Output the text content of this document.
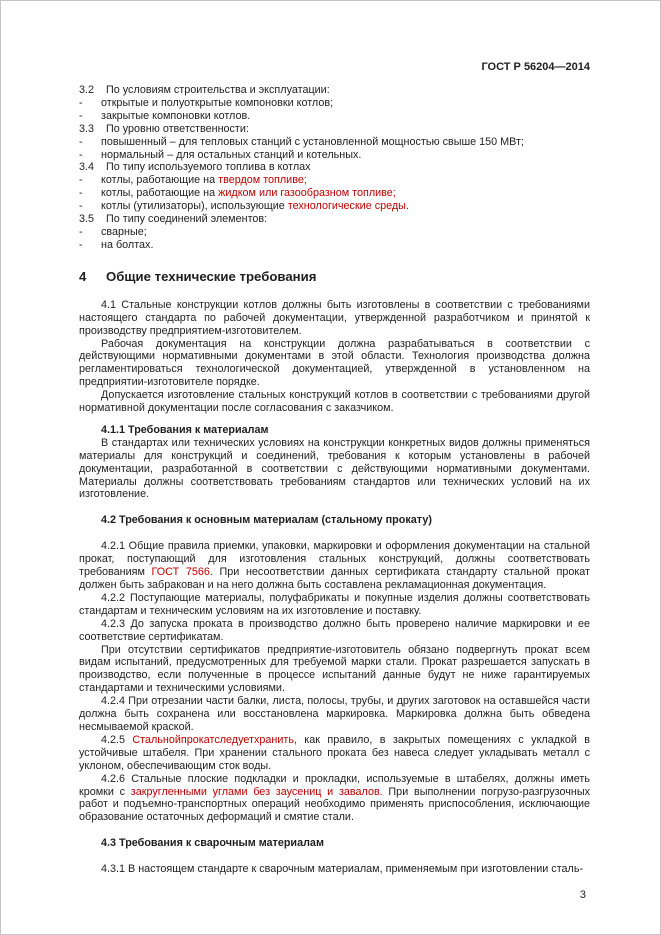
ГОСТ Р 56204—2014
3.2 По условиям строительства и эксплуатации:
- открытые и полуоткрытые компоновки котлов;
- закрытые компоновки котлов.
3.3 По уровню ответственности:
- повышенный – для тепловых станций с установленной мощностью свыше 150 МВт;
- нормальный – для остальных станций и котельных.
3.4 По типу используемого топлива в котлах
- котлы, работающие на твердом топливе;
- котлы, работающие на жидком или газообразном топливе;
- котлы (утилизаторы), использующие технологические среды.
3.5 По типу соединений элементов:
- сварные;
- на болтах.
4 Общие технические требования
4.1 Стальные конструкции котлов должны быть изготовлены в соответствии с требованиями настоящего стандарта по рабочей документации, утвержденной разработчиком и принятой к производству предприятием-изготовителем.
Рабочая документация на конструкции должна разрабатываться в соответствии с действующими нормативными документами в этой области. Технология производства должна регламентироваться технологической документацией, утвержденной в установленном на предприятии-изготовителе порядке.
Допускается изготовление стальных конструкций котлов в соответствии с требованиями другой нормативной документации после согласования с заказчиком.
4.1.1 Требования к материалам
В стандартах или технических условиях на конструкции конкретных видов должны применяться материалы для конструкций и соединений, требования к которым установлены в рабочей документации, разработанной в соответствии с действующими нормативными документами. Материалы должны соответствовать требованиям стандартов или технических условий на их изготовление.
4.2 Требования к основным материалам (стальному прокату)
4.2.1 Общие правила приемки, упаковки, маркировки и оформления документации на стальной прокат, поступающий для изготовления стальных конструкций, должны соответствовать требованиям ГОСТ 7566. При несоответствии данных сертификата стандарту стальной прокат должен быть забракован и на него должна быть составлена рекламационная документация.
4.2.2 Поступающие материалы, полуфабрикаты и покупные изделия должны соответствовать стандартам и техническим условиям на их изготовление и поставку.
4.2.3 До запуска проката в производство должно быть проверено наличие маркировки и ее соответствие сертификатам.
При отсутствии сертификатов предприятие-изготовитель обязано подвергнуть прокат всем видам испытаний, предусмотренных для требуемой марки стали. Прокат разрешается запускать в производство, если полученные в процессе испытаний данные будут не ниже гарантируемых стандартами и техническими условиями.
4.2.4 При отрезании части балки, листа, полосы, трубы, и других заготовок на оставшейся части должна быть сохранена или восстановлена маркировка. Маркировка должна быть обведена несмываемой краской.
4.2.5 Стальнойпрокатследуетхранить, как правило, в закрытых помещениях с укладкой в устойчивые штабеля. При хранении стального проката без навеса следует укладывать металл с уклоном, обеспечивающим сток воды.
4.2.6 Стальные плоские подкладки и прокладки, используемые в штабелях, должны иметь кромки с закругленными углами без заусениц и завалов. При выполнении погрузо-разгрузочных работ и подъемно-транспортных операций необходимо применять приспособления, исключающие образование остаточных деформаций и смятие стали.
4.3 Требования к сварочным материалам
4.3.1 В настоящем стандарте к сварочным материалам, применяемым при изготовлении сталь-
3
